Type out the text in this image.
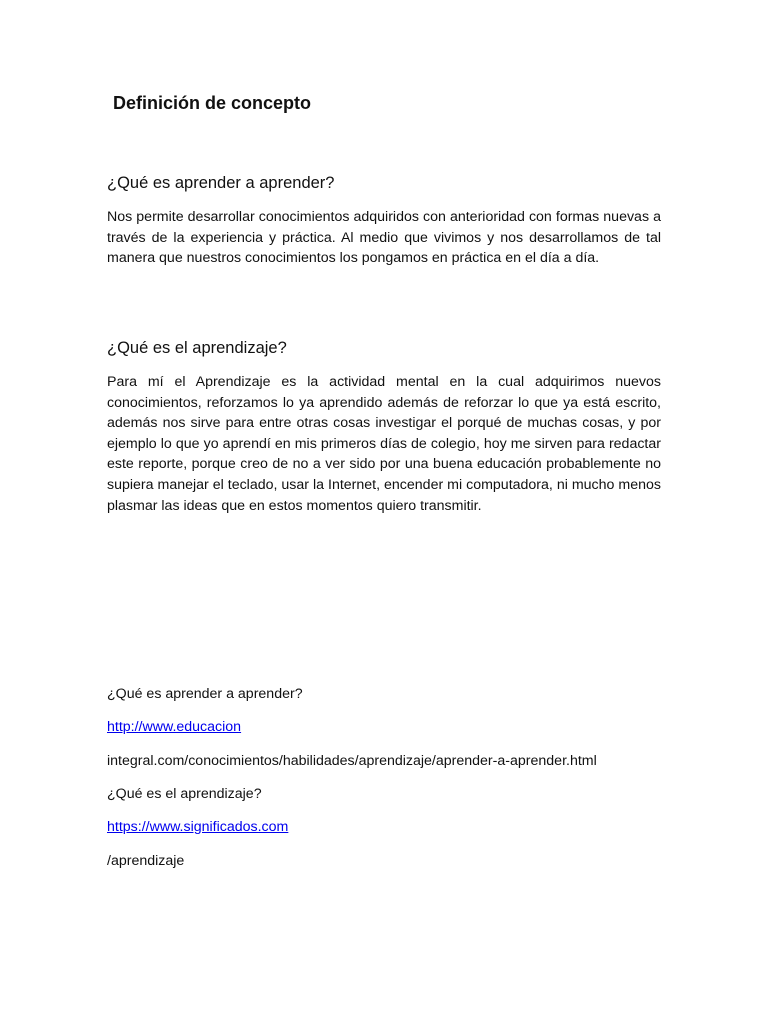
Definición de concepto
¿Qué es aprender a aprender?

Nos permite desarrollar conocimientos adquiridos con anterioridad con formas nuevas a través de la experiencia y práctica. Al medio que vivimos y nos desarrollamos de tal manera que nuestros conocimientos los pongamos en práctica en el día a día.

¿Qué es el aprendizaje?

Para mí el Aprendizaje es la actividad mental en la cual adquirimos nuevos conocimientos, reforzamos lo ya aprendido además de reforzar lo que ya está escrito, además nos sirve para entre otras cosas investigar el porqué de muchas cosas, y por ejemplo lo que yo aprendí en mis primeros días de colegio, hoy me sirven para redactar este reporte, porque creo de no a ver sido por una buena educación probablemente no supiera manejar el teclado, usar la Internet, encender mi computadora, ni mucho menos plasmar las ideas que en estos momentos quiero transmitir.

¿Qué es aprender a aprender?

http://www.educacion

integral.com/conocimientos/habilidades/aprendizaje/aprender-a-aprender.html

¿Qué es el aprendizaje?

https://www.significados.com

/aprendizaje
